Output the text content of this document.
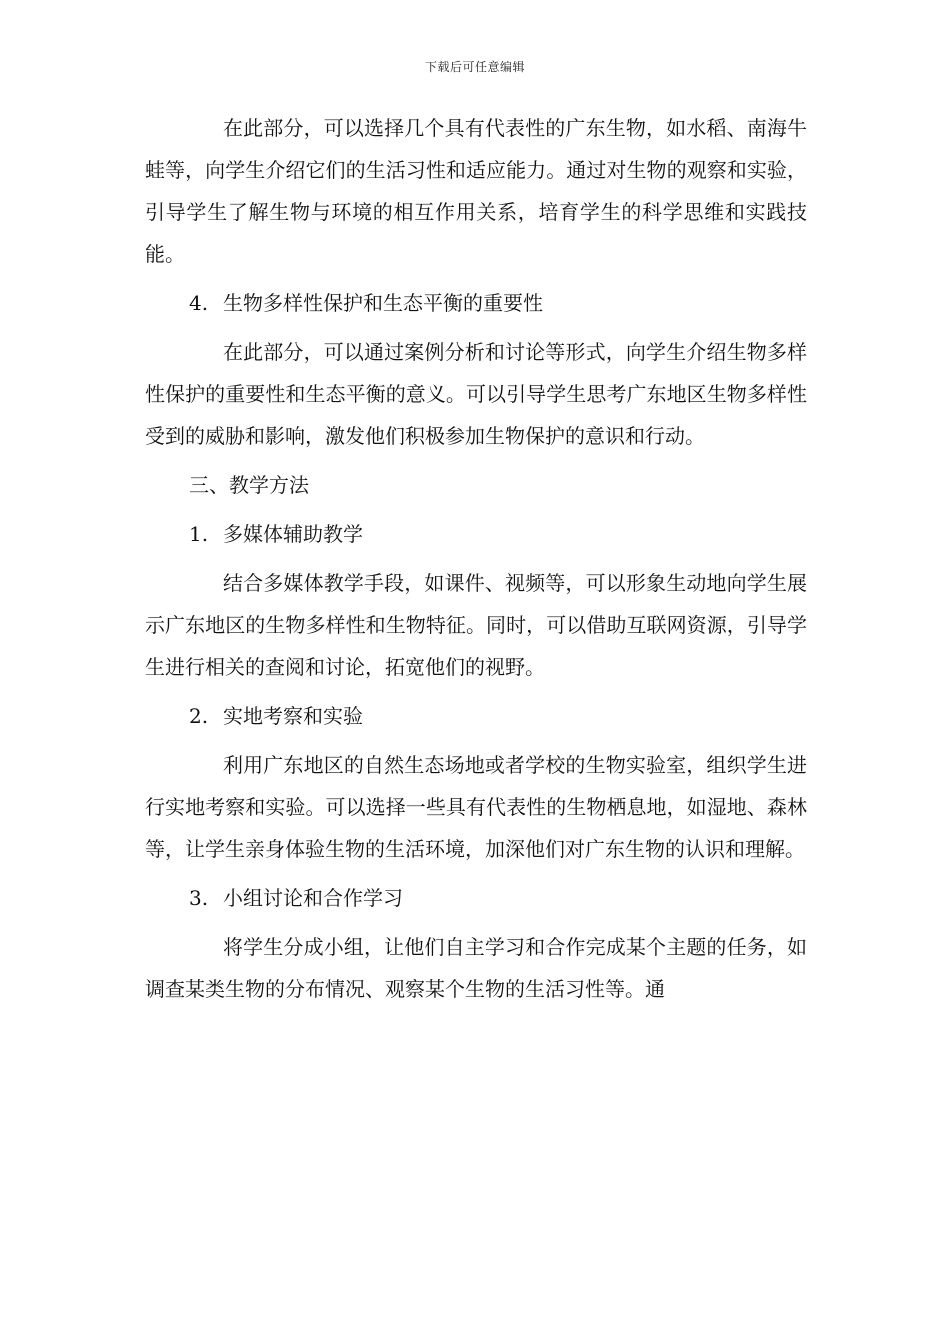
下载后可任意编辑

在此部分，可以选择几个具有代表性的广东生物，如水稻、南海牛蛙等，向学生介绍它们的生活习性和适应能力。通过对生物的观察和实验，引导学生了解生物与环境的相互作用关系，培育学生的科学思维和实践技能。

4. 生物多样性保护和生态平衡的重要性

在此部分，可以通过案例分析和讨论等形式，向学生介绍生物多样性保护的重要性和生态平衡的意义。可以引导学生思考广东地区生物多样性受到的威胁和影响，激发他们积极参加生物保护的意识和行动。

三、教学方法

1. 多媒体辅助教学

结合多媒体教学手段，如课件、视频等，可以形象生动地向学生展示广东地区的生物多样性和生物特征。同时，可以借助互联网资源，引导学生进行相关的查阅和讨论，拓宽他们的视野。

2. 实地考察和实验

利用广东地区的自然生态场地或者学校的生物实验室，组织学生进行实地考察和实验。可以选择一些具有代表性的生物栖息地，如湿地、森林等，让学生亲身体验生物的生活环境，加深他们对广东生物的认识和理解。

3. 小组讨论和合作学习

将学生分成小组，让他们自主学习和合作完成某个主题的任务，如调查某类生物的分布情况、观察某个生物的生活习性等。通
